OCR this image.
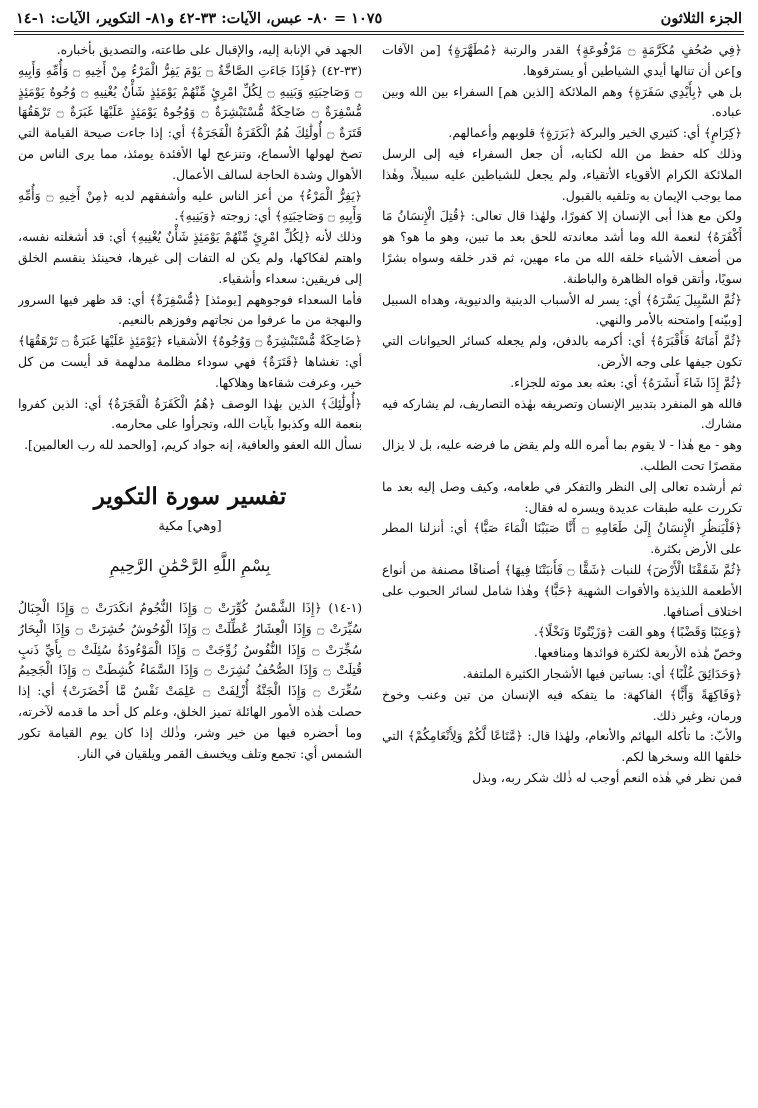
الجزء الثلاثون
١٠٧٥ = ٨٠- عبس، الآيات: ٣٣-٤٢ و٨١- التكوير، الآيات: ١-١٤

﴿فِي صُحُفٍ مُكَرَّمَةٍ ۝ مَرْفُوعَةٍ﴾ القدر والرتبة ﴿مُطَهَّرَةٍ﴾ [من الآفات و]عن أن تنالها أيدي الشياطين أو يسترقوها.

بل هي ﴿بِأَيْدِي سَفَرَةٍ﴾ وهم الملائكة [الذين هم] السفراء بين الله وبين عباده.

﴿كِرَامٍ﴾ أي: كثيري الخير والبركة ﴿بَرَرَةٍ﴾ قلوبهم وأعمالهم.

وذلك كله حفظ من الله لكتابه، أن جعل السفراء فيه إلى الرسل الملائكة الكرام الأقوياء الأتقياء، ولم يجعل للشياطين عليه سبيلاً، وهٰذا مما يوجب الإيمان به وتلقيه بالقبول.

ولكن مع هذا أبى الإنسان إلا كفورًا، ولهٰذا قال تعالى: ﴿قُتِلَ الْإِنسَانُ مَا أَكْفَرَهُ﴾ لنعمة الله وما أشد معاندته للحق بعد ما تبين، وهو ما هو؟ هو من أضعف الأشياء خلقه الله من ماء مهين، ثم قدر خلقه وسواه بشرًا سويًا، وأتقن قواه الظاهرة والباطنة.

﴿ثُمَّ السَّبِيلَ يَسَّرَهُ﴾ أي: يسر له الأسباب الدينية والدنيوية، وهداه السبيل [وبيّنه] وامتحنه بالأمر والنهي.

﴿ثُمَّ أَمَاتَهُ فَأَقْبَرَهُ﴾ أي: أكرمه بالدفن، ولم يجعله كسائر الحيوانات التي تكون جيفها على وجه الأرض.

﴿ثُمَّ إِذَا شَاءَ أَنشَرَهُ﴾ أي: بعثه بعد موته للجزاء.

فالله هو المنفرد بتدبير الإنسان وتصريفه بهٰذه التصاريف، لم يشاركه فيه مشارك.

وهو - مع هٰذا - لا يقوم بما أمره الله ولم يقض ما فرضه عليه، بل لا يزال مقصرًا تحت الطلب.

ثم أرشده تعالى إلى النظر والتفكر في طعامه، وكيف وصل إليه بعد ما تكررت عليه طبقات عديدة ويسره له فقال:

﴿فَلْيَنظُرِ الْإِنسَانُ إِلَىٰ طَعَامِهِ ۝ أَنَّا صَبَبْنَا الْمَاءَ صَبًّا﴾ أي: أنزلنا المطر على الأرض بكثرة.

﴿ثُمَّ شَقَقْنَا الْأَرْضَ﴾ للنبات ﴿شَقًّا ۝ فَأَنبَتْنَا فِيهَا﴾ أصنافًا مصنفة من أنواع الأطعمة اللذيذة والأقوات الشهية ﴿حَبًّا﴾ وهٰذا شامل لسائر الحبوب على اختلاف أصنافها.

﴿وَعِنَبًا وَقَضْبًا﴾ وهو القت ﴿وَزَيْتُونًا وَنَخْلًا﴾.

وخصّ هٰذه الأربعة لكثرة فوائدها ومنافعها.

﴿وَحَدَائِقَ غُلْبًا﴾ أي: بساتين فيها الأشجار الكثيرة الملتفة.

﴿وَفَاكِهَةً وَأَبًّا﴾ الفاكهة: ما يتفكه فيه الإنسان من تين وعنب وخوخ ورمان، وغير ذلك.

والأبّ: ما تأكله البهائم والأنعام، ولهٰذا قال: ﴿مَّتَاعًا لَّكُمْ وَلِأَنْعَامِكُمْ﴾ التي خلقها الله وسخرها لكم.

فمن نظر في هٰذه النعم أوجب له ذٰلك شكر ربه، وبذل

الجهد في الإنابة إليه، والإقبال على طاعته، والتصديق بأخباره.

(٣٣-٤٢) ﴿فَإِذَا جَاءَتِ الصَّاخَّةُ ۝ يَوْمَ يَفِرُّ الْمَرْءُ مِنْ أَخِيهِ ۝ وَأُمِّهِ وَأَبِيهِ ۝ وَصَاحِبَتِهِ وَبَنِيهِ ۝ لِكُلِّ امْرِئٍ مِّنْهُمْ يَوْمَئِذٍ شَأْنٌ يُغْنِيهِ ۝ وُجُوهٌ يَوْمَئِذٍ مُّسْفِرَةٌ ۝ ضَاحِكَةٌ مُّسْتَبْشِرَةٌ ۝ وَوُجُوهٌ يَوْمَئِذٍ عَلَيْهَا غَبَرَةٌ ۝ تَرْهَقُهَا قَتَرَةٌ ۝ أُولَٰئِكَ هُمُ الْكَفَرَةُ الْفَجَرَةُ﴾ أي: إذا جاءت صيحة القيامة التي تصخ لهولها الأسماع، وتنزعج لها الأفئدة يومئذ، مما يرى الناس من الأهوال وشدة الحاجة لسالف الأعمال.

﴿يَفِرُّ الْمَرْءُ﴾ من أعز الناس عليه وأشفقهم لديه ﴿مِنْ أَخِيهِ ۝ وَأُمِّهِ وَأَبِيهِ ۝ وَصَاحِبَتِهِ﴾ أي: زوجته ﴿وَبَنِيهِ﴾.

وذلك لأنه ﴿لِكُلِّ امْرِئٍ مِّنْهُمْ يَوْمَئِذٍ شَأْنٌ يُغْنِيهِ﴾ أي: قد أشغلته نفسه، واهتم لفكاكها، ولم يكن له التفات إلى غيرها، فحينئذ ينقسم الخلق إلى فريقين: سعداء وأشقياء.

فأما السعداء فوجوههم [يومئذ] ﴿مُّسْفِرَةٌ﴾ أي: قد ظهر فيها السرور والبهجة من ما عرفوا من نجاتهم وفوزهم بالنعيم.

﴿ضَاحِكَةٌ مُّسْتَبْشِرَةٌ ۝ وَوُجُوهٌ﴾ الأشقياء ﴿يَوْمَئِذٍ عَلَيْهَا غَبَرَةٌ ۝ تَرْهَقُهَا﴾ أي: تغشاها ﴿قَتَرَةٌ﴾ فهي سوداء مظلمة مدلهمة قد أيست من كل خير، وعرفت شقاءها وهلاكها.

﴿أُولَٰئِكَ﴾ الذين بهٰذا الوصف ﴿هُمُ الْكَفَرَةُ الْفَجَرَةُ﴾ أي: الذين كفروا بنعمة الله وكذبوا بآيات الله، وتجرأوا على محارمه.

نسأل الله العفو والعافية، إنه جواد كريم، [والحمد لله رب العالمين].

تفسير سورة التكوير
[وهي] مكية
بِسْمِ اللَّهِ الرَّحْمَٰنِ الرَّحِيمِ

(١-١٤) ﴿إِذَا الشَّمْسُ كُوِّرَتْ ۝ وَإِذَا النُّجُومُ انكَدَرَتْ ۝ وَإِذَا الْجِبَالُ سُيِّرَتْ ۝ وَإِذَا الْعِشَارُ عُطِّلَتْ ۝ وَإِذَا الْوُحُوشُ حُشِرَتْ ۝ وَإِذَا الْبِحَارُ سُجِّرَتْ ۝ وَإِذَا النُّفُوسُ زُوِّجَتْ ۝ وَإِذَا الْمَوْءُودَةُ سُئِلَتْ ۝ بِأَيِّ ذَنبٍ قُتِلَتْ ۝ وَإِذَا الصُّحُفُ نُشِرَتْ ۝ وَإِذَا السَّمَاءُ كُشِطَتْ ۝ وَإِذَا الْجَحِيمُ سُعِّرَتْ ۝ وَإِذَا الْجَنَّةُ أُزْلِفَتْ ۝ عَلِمَتْ نَفْسٌ مَّا أَحْضَرَتْ﴾ أي: إذا حصلت هٰذه الأمور الهائلة تميز الخلق، وعلم كل أحد ما قدمه لآخرته، وما أحضره فيها من خير وشر، وذٰلك إذا كان يوم القيامة تكور الشمس أي: تجمع وتلف ويخسف القمر ويلقيان في النار.
